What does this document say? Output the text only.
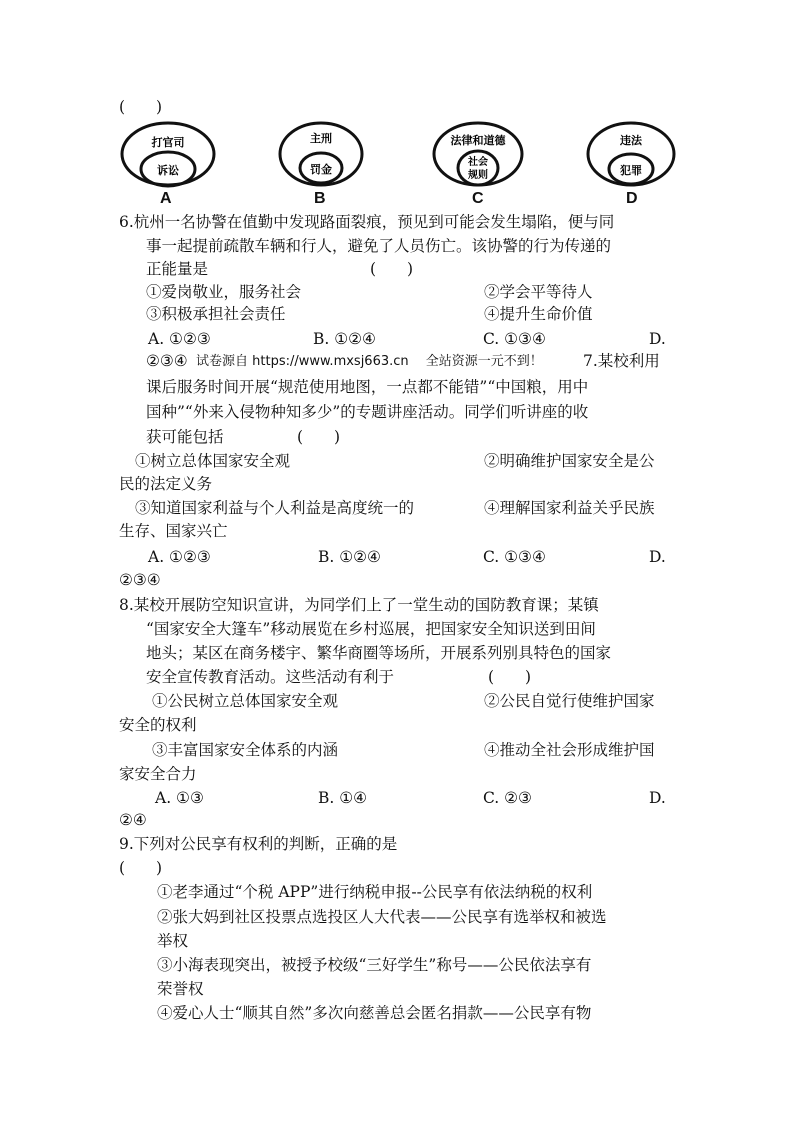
(　　)
打官司
诉讼
A
主刑
罚金
B
法律和道德
社会
规则
C
违法
犯罪
D
6.杭州一名协警在值勤中发现路面裂痕，预见到可能会发生塌陷，便与同
事一起提前疏散车辆和行人，避免了人员伤亡。该协警的行为传递的
正能量是	(　　)
①爱岗敬业，服务社会	②学会平等待人
③积极承担社会责任	④提升生命价值
A. ①②③	B. ①②④	C. ①③④	D.
②③④ 试卷源自 https://www.mxsj663.cn　 全站资源一元不到！	7.某校利用
课后服务时间开展“规范使用地图，一点都不能错”“中国粮，用中
国种”“外来入侵物种知多少”的专题讲座活动。同学们听讲座的收
获可能包括	(　　)
①树立总体国家安全观	②明确维护国家安全是公
民的法定义务
③知道国家利益与个人利益是高度统一的	④理解国家利益关乎民族
生存、国家兴亡
A. ①②③	B. ①②④	C. ①③④	D.
②③④
8.某校开展防空知识宣讲，为同学们上了一堂生动的国防教育课；某镇
“国家安全大篷车”移动展览在乡村巡展，把国家安全知识送到田间
地头；某区在商务楼宇、繁华商圈等场所，开展系列别具特色的国家
安全宣传教育活动。这些活动有利于	(　　)
①公民树立总体国家安全观	②公民自觉行使维护国家
安全的权利
③丰富国家安全体系的内涵	④推动全社会形成维护国
家安全合力
A. ①③	B. ①④	C. ②③	D.
②④
9.下列对公民享有权利的判断，正确的是
(　　)
①老李通过“个税 APP”进行纳税申报--公民享有依法纳税的权利
②张大妈到社区投票点选投区人大代表——公民享有选举权和被选
举权
③小海表现突出，被授予校级“三好学生”称号——公民依法享有
荣誉权
④爱心人士“顺其自然”多次向慈善总会匿名捐款——公民享有物
